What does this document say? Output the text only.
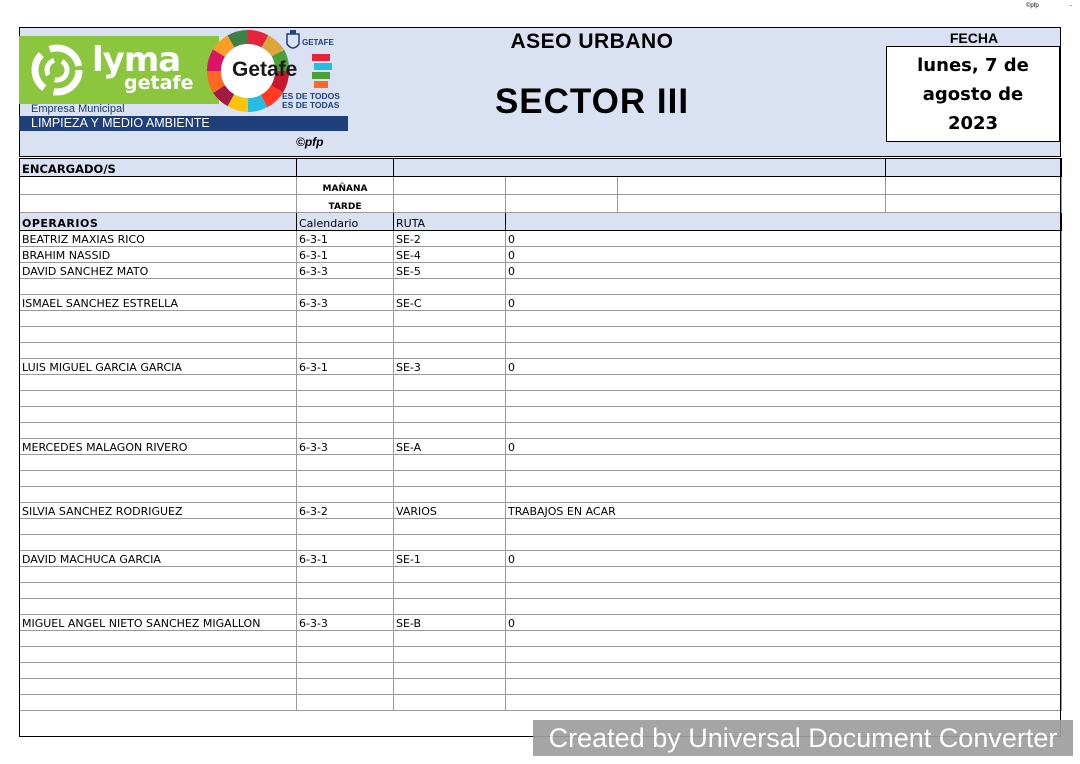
©pfp	-
lyma
getafe
Empresa Municipal
LIMPIEZA Y MEDIO AMBIENTE
Getafe
GETAFE
ES DE TODOS
ES DE TODAS
ASEO URBANO
SECTOR III
FECHA
lunes, 7 de agosto de 2023
©pfp
ENCARGADO/S					
	MAÑANA				
	TARDE				
OPERARIOS	Calendario	RUTA			
BEATRIZ MAXIAS RICO	6-3-1	SE-2	0		
BRAHIM NASSID	6-3-1	SE-4	0		
DAVID SANCHEZ MATO	6-3-3	SE-5	0		

ISMAEL SANCHEZ ESTRELLA	6-3-3	SE-C	0		

LUIS MIGUEL GARCIA GARCIA	6-3-1	SE-3	0		

MERCEDES MALAGON RIVERO	6-3-3	SE-A	0		

SILVIA SANCHEZ RODRIGUEZ	6-3-2	VARIOS	TRABAJOS EN ACAR		

DAVID MACHUCA GARCIA	6-3-1	SE-1	0		

MIGUEL ANGEL NIETO SANCHEZ MIGALLON	6-3-3	SE-B	0		

Created by Universal Document Converter
